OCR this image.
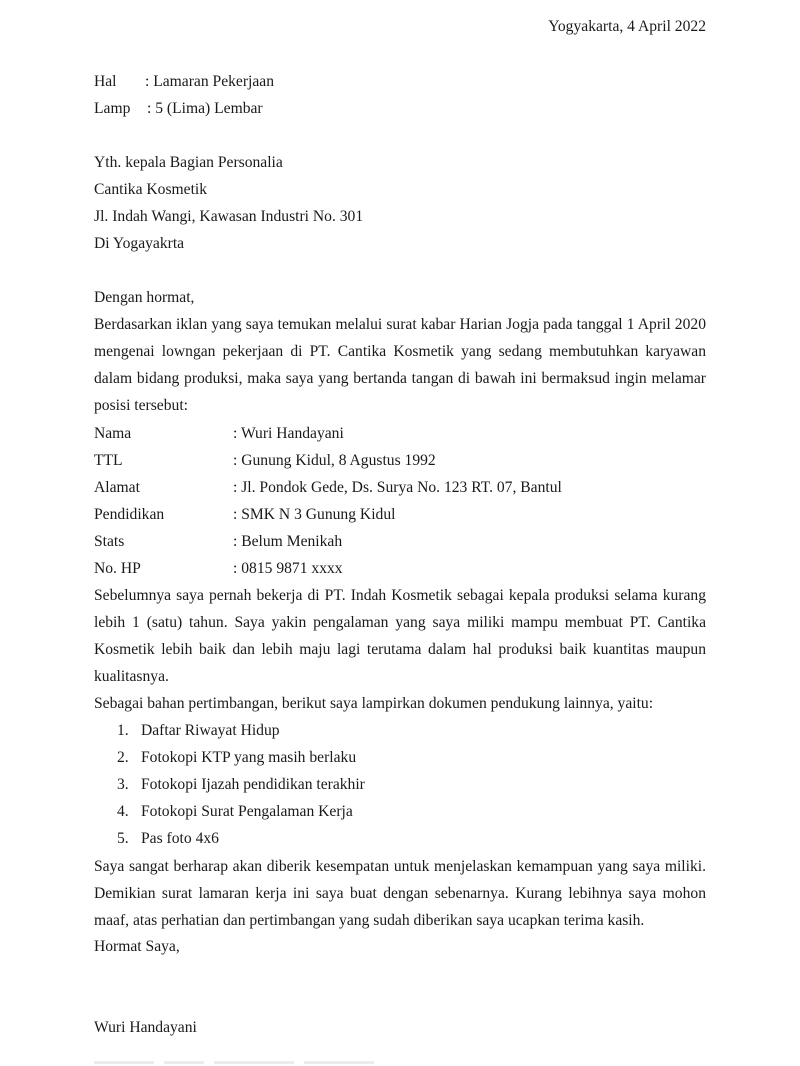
Yogyakarta, 4 April 2022
Hal : Lamaran Pekerjaan
Lamp : 5 (Lima) Lembar
Yth. kepala Bagian Personalia
Cantika Kosmetik
Jl. Indah Wangi, Kawasan Industri No. 301
Di Yogayakrta
Dengan hormat,
Berdasarkan iklan yang saya temukan melalui surat kabar Harian Jogja pada tanggal 1 April 2020 mengenai lowngan pekerjaan di PT. Cantika Kosmetik yang sedang membutuhkan karyawan dalam bidang produksi, maka saya yang bertanda tangan di bawah ini bermaksud ingin melamar posisi tersebut:
Nama	: Wuri Handayani
TTL	: Gunung Kidul, 8 Agustus 1992
Alamat	: Jl. Pondok Gede, Ds. Surya No. 123 RT. 07, Bantul
Pendidikan	: SMK N 3 Gunung Kidul
Stats	: Belum Menikah
No. HP	: 0815 9871 xxxx
Sebelumnya saya pernah bekerja di PT. Indah Kosmetik sebagai kepala produksi selama kurang lebih 1 (satu) tahun. Saya yakin pengalaman yang saya miliki mampu membuat PT. Cantika Kosmetik lebih baik dan lebih maju lagi terutama dalam hal produksi baik kuantitas maupun kualitasnya.
Sebagai bahan pertimbangan, berikut saya lampirkan dokumen pendukung lainnya, yaitu:
1. Daftar Riwayat Hidup
2. Fotokopi KTP yang masih berlaku
3. Fotokopi Ijazah pendidikan terakhir
4. Fotokopi Surat Pengalaman Kerja
5. Pas foto 4x6
Saya sangat berharap akan diberik kesempatan untuk menjelaskan kemampuan yang saya miliki. Demikian surat lamaran kerja ini saya buat dengan sebenarnya. Kurang lebihnya saya mohon maaf, atas perhatian dan pertimbangan yang sudah diberikan saya ucapkan terima kasih.
Hormat Saya,
Wuri Handayani
